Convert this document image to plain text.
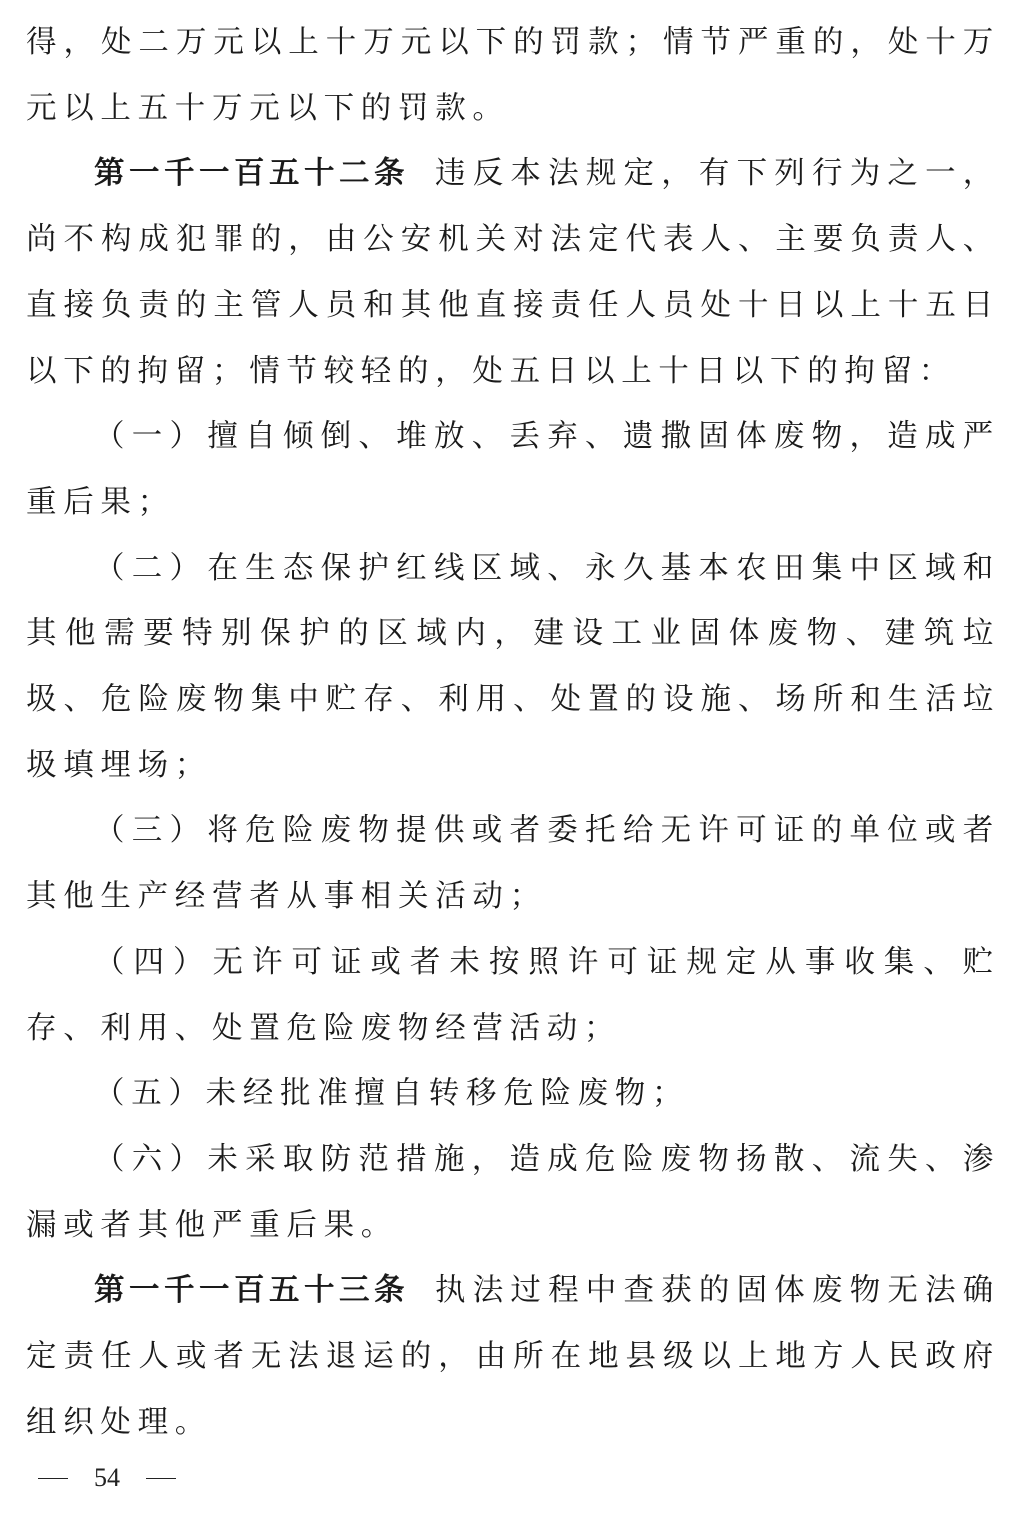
得，处二万元以上十万元以下的罚款；情节严重的，处十万元以上五十万元以下的罚款。

第一千一百五十二条 违反本法规定，有下列行为之一，尚不构成犯罪的，由公安机关对法定代表人、主要负责人、直接负责的主管人员和其他直接责任人员处十日以上十五日以下的拘留；情节较轻的，处五日以上十日以下的拘留：

（一）擅自倾倒、堆放、丢弃、遗撒固体废物，造成严重后果；

（二）在生态保护红线区域、永久基本农田集中区域和其他需要特别保护的区域内，建设工业固体废物、建筑垃圾、危险废物集中贮存、利用、处置的设施、场所和生活垃圾填埋场；

（三）将危险废物提供或者委托给无许可证的单位或者其他生产经营者从事相关活动；

（四）无许可证或者未按照许可证规定从事收集、贮存、利用、处置危险废物经营活动；

（五）未经批准擅自转移危险废物；

（六）未采取防范措施，造成危险废物扬散、流失、渗漏或者其他严重后果。

第一千一百五十三条 执法过程中查获的固体废物无法确定责任人或者无法退运的，由所在地县级以上地方人民政府组织处理。

54
